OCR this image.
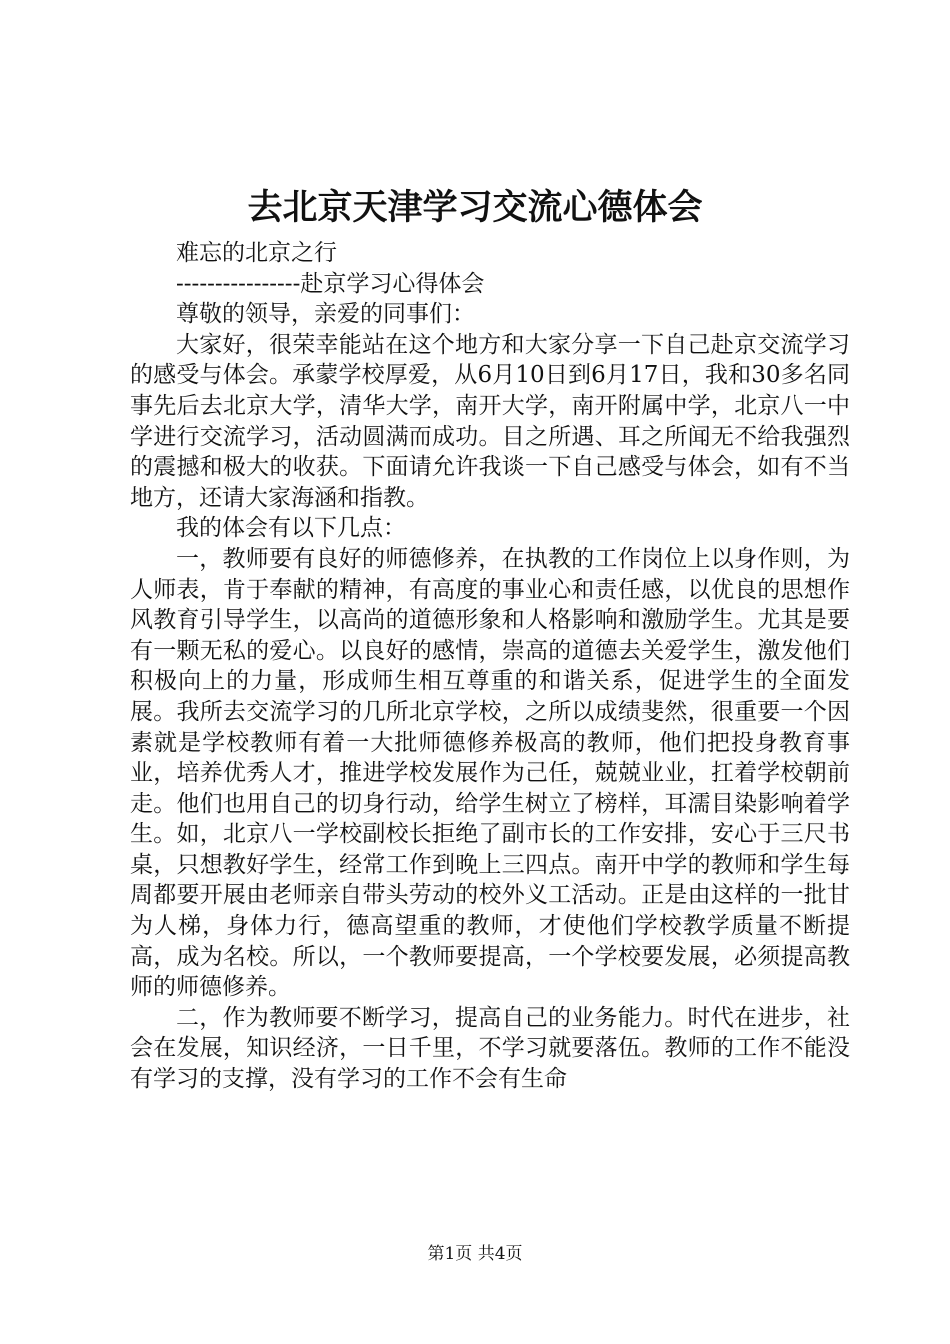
去北京天津学习交流心德体会

难忘的北京之行

----------------赴京学习心得体会

尊敬的领导，亲爱的同事们：

大家好，很荣幸能站在这个地方和大家分享一下自己赴京交流学习的感受与体会。承蒙学校厚爱，从6月10日到6月17日，我和30多名同事先后去北京大学，清华大学，南开大学，南开附属中学，北京八一中学进行交流学习，活动圆满而成功。目之所遇、耳之所闻无不给我强烈的震撼和极大的收获。下面请允许我谈一下自己感受与体会，如有不当地方，还请大家海涵和指教。

我的体会有以下几点：

一，教师要有良好的师德修养，在执教的工作岗位上以身作则，为人师表，肯于奉献的精神，有高度的事业心和责任感，以优良的思想作风教育引导学生，以高尚的道德形象和人格影响和激励学生。尤其是要有一颗无私的爱心。以良好的感情，崇高的道德去关爱学生，激发他们积极向上的力量，形成师生相互尊重的和谐关系，促进学生的全面发展。我所去交流学习的几所北京学校，之所以成绩斐然，很重要一个因素就是学校教师有着一大批师德修养极高的教师，他们把投身教育事业，培养优秀人才，推进学校发展作为己任，兢兢业业，扛着学校朝前走。他们也用自己的切身行动，给学生树立了榜样，耳濡目染影响着学生。如，北京八一学校副校长拒绝了副市长的工作安排，安心于三尺书桌，只想教好学生，经常工作到晚上三四点。南开中学的教师和学生每周都要开展由老师亲自带头劳动的校外义工活动。正是由这样的一批甘为人梯，身体力行，德高望重的教师，才使他们学校教学质量不断提高，成为名校。所以，一个教师要提高，一个学校要发展，必须提高教师的师德修养。

二，作为教师要不断学习，提高自己的业务能力。时代在进步，社会在发展，知识经济，一日千里，不学习就要落伍。教师的工作不能没有学习的支撑，没有学习的工作不会有生命

第1页 共4页
